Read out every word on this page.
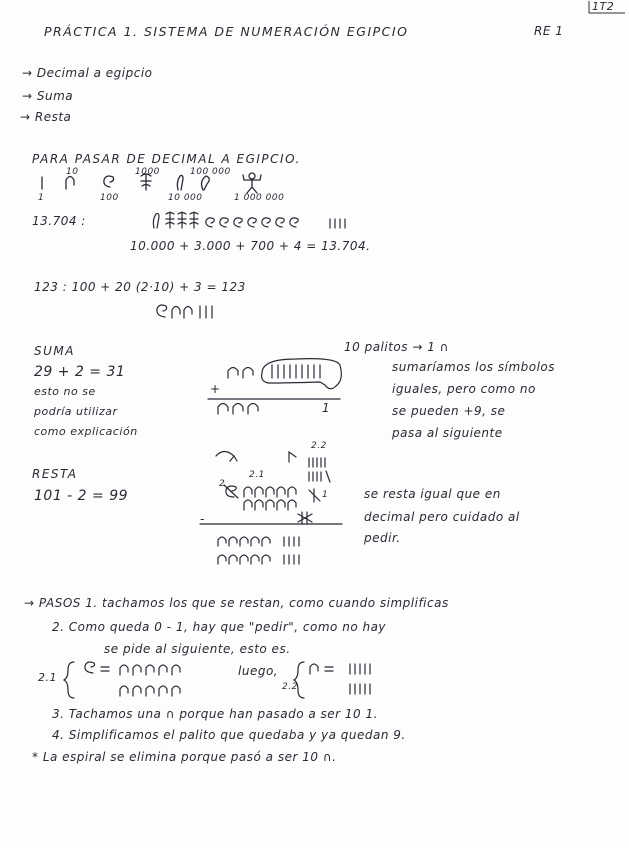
1T2
PRÁCTICA 1. SISTEMA DE NUMERACIÓN EGIPCIO	RE 1
→ Decimal a egipcio
→ Suma
→ Resta
PARA PASAR DE DECIMAL A EGIPCIO.
10	1000	100 000
1	100	10 000	1 000 000
13.704 :
10.000 + 3.000 + 700 + 4 = 13.704.
123 : 100 + 20 (2·10) + 3 = 123
SUMA
29 + 2 = 31
esto no se
podría utilizar
como explicación
+
1
10 palitos → 1 ∩
sumaríamos los símbolos
iguales, pero como no
se pueden +9, se
pasa al siguiente
RESTA
101 - 2 = 99
2.2
2.1
2
1
-
se resta igual que en
decimal pero cuidado al
pedir.
→ PASOS 1. tachamos los que se restan, como cuando simplificas
2. Como queda 0 - 1, hay que "pedir", como no hay
se pide al siguiente, esto es.
2.1	luego,
2.2
3. Tachamos una ∩ porque han pasado a ser 10 1.
4. Simplificamos el palito que quedaba y ya quedan 9.
* La espiral se elimina porque pasó a ser 10 ∩.
